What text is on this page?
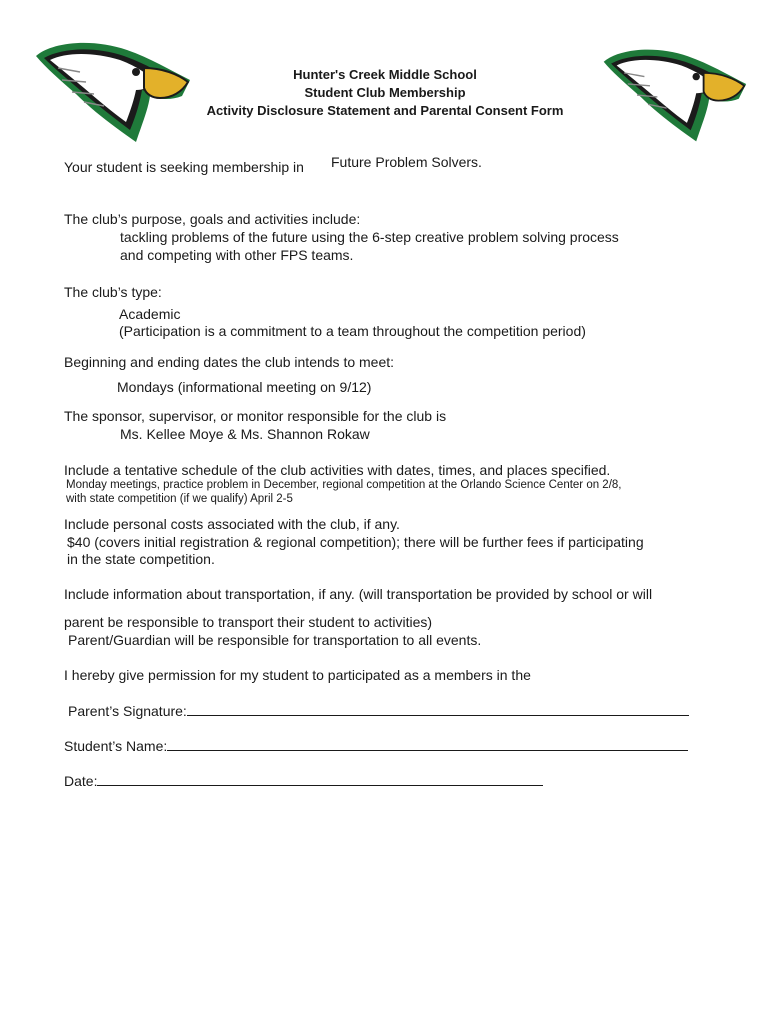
Hunter's Creek Middle School
Student Club Membership
Activity Disclosure Statement and Parental Consent Form
Your student is seeking membership in Future Problem Solvers.
The club’s purpose, goals and activities include:
tackling problems of the future using the 6-step creative problem solving process
and competing with other FPS teams.
The club’s type:
Academic
(Participation is a commitment to a team throughout the competition period)
Beginning and ending dates the club intends to meet:
Mondays (informational meeting on 9/12)
The sponsor, supervisor, or monitor responsible for the club is
Ms. Kellee Moye & Ms. Shannon Rokaw
Include a tentative schedule of the club activities with dates, times, and places specified.
Monday meetings, practice problem in December, regional competition at the Orlando Science Center on 2/8,
with state competition (if we qualify) April 2-5
Include personal costs associated with the club, if any.
$40 (covers initial registration & regional competition); there will be further fees if participating
in the state competition.
Include information about transportation, if any. (will transportation be provided by school or will
parent be responsible to transport their student to activities)
Parent/Guardian will be responsible for transportation to all events.
I hereby give permission for my student to participated as a members in the
Parent’s Signature:
Student’s Name:
Date:
